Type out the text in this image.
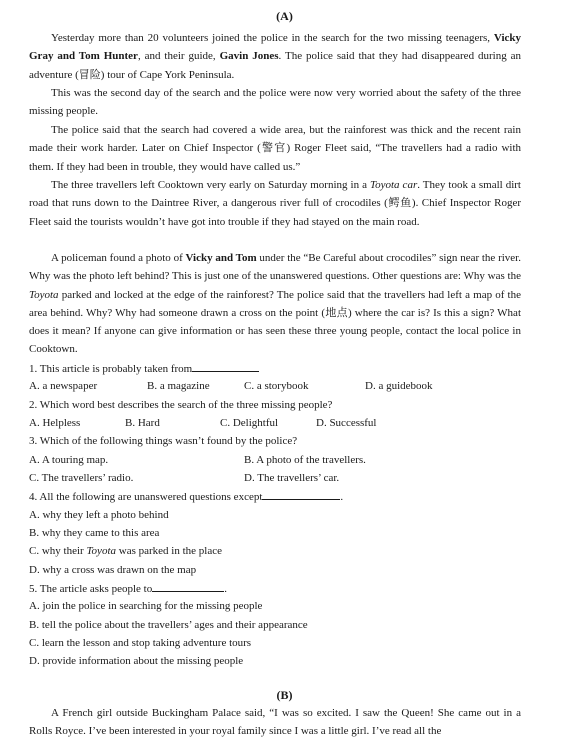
(A)

Yesterday more than 20 volunteers joined the police in the search for the two missing teenagers, Vicky Gray and Tom Hunter, and their guide, Gavin Jones. The police said that they had disappeared during an adventure (冒险) tour of Cape York Peninsula.

This was the second day of the search and the police were now very worried about the safety of the three missing people.

The police said that the search had covered a wide area, but the rainforest was thick and the recent rain made their work harder. Later on Chief Inspector (警官) Roger Fleet said, “The travellers had a radio with them. If they had been in trouble, they would have called us.”

The three travellers left Cooktown very early on Saturday morning in a Toyota car. They took a small dirt road that runs down to the Daintree River, a dangerous river full of crocodiles (鳄鱼). Chief Inspector Roger Fleet said the tourists wouldn’t have got into trouble if they had stayed on the main road.

A policeman found a photo of Vicky and Tom under the “Be Careful about crocodiles” sign near the river. Why was the photo left behind? This is just one of the unanswered questions. Other questions are: Why was the Toyota parked and locked at the edge of the rainforest? The police said that the travellers had left a map of the area behind. Why? Why had someone drawn a cross on the point (地点) where the car is? Is this a sign? What does it mean? If anyone can give information or has seen these three young people, contact the local police in Cooktown.

1. This article is probably taken from

A. a newspaper	B. a magazine	C. a storybook	D. a guidebook

2. Which word best describes the search of the three missing people?

A. Helpless	B. Hard	C. Delightful	D. Successful

3. Which of the following things wasn’t found by the police?

A. A touring map.	B. A photo of the travellers.

C. The travellers’ radio.	D. The travellers’ car.

4. All the following are unanswered questions except	.

A. why they left a photo behind

B. why they came to this area

C. why their Toyota was parked in the place

D. why a cross was drawn on the map

5. The article asks people to	.

A. join the police in searching for the missing people

B. tell the police about the travellers’ ages and their appearance

C. learn the lesson and stop taking adventure tours

D. provide information about the missing people

(B)

A French girl outside Buckingham Palace said, “I was so excited. I saw the Queen! She came out in a Rolls Royce. I’ve been interested in your royal family since I was a little girl. I’ve read all the
